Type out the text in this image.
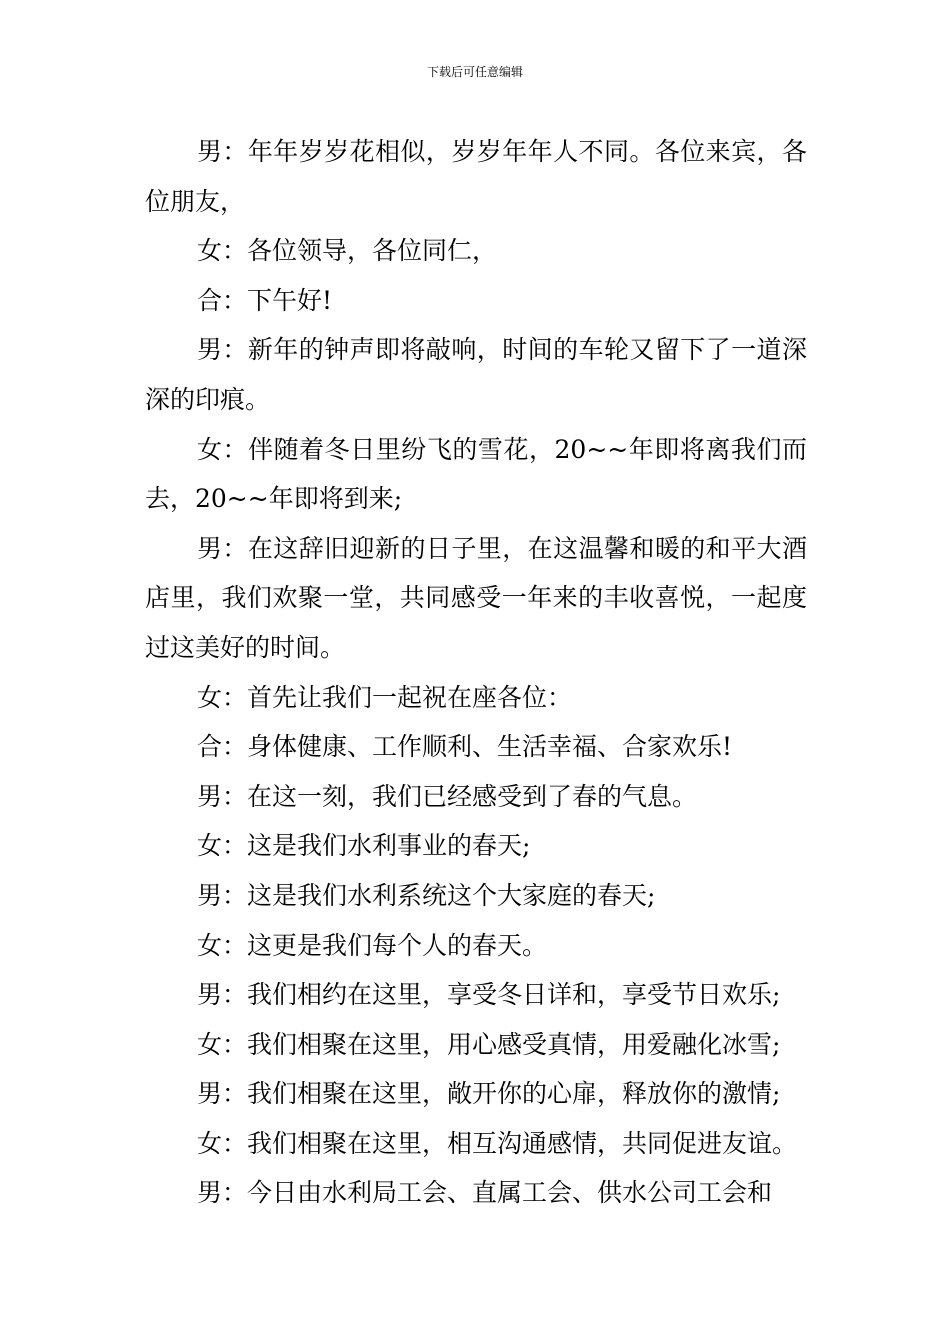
下载后可任意编辑

男：年年岁岁花相似，岁岁年年人不同。各位来宾，各位朋友，

女：各位领导，各位同仁，

合：下午好!

男：新年的钟声即将敲响，时间的车轮又留下了一道深深的印痕。

女：伴随着冬日里纷飞的雪花，20~~年即将离我们而去，20~~年即将到来;

男：在这辞旧迎新的日子里，在这温馨和暖的和平大酒店里，我们欢聚一堂，共同感受一年来的丰收喜悦，一起度过这美好的时间。

女：首先让我们一起祝在座各位：

合：身体健康、工作顺利、生活幸福、合家欢乐!

男：在这一刻，我们已经感受到了春的气息。

女：这是我们水利事业的春天;

男：这是我们水利系统这个大家庭的春天;

女：这更是我们每个人的春天。

男：我们相约在这里，享受冬日详和，享受节日欢乐;

女：我们相聚在这里，用心感受真情，用爱融化冰雪;

男：我们相聚在这里，敞开你的心扉，释放你的激情;

女：我们相聚在这里，相互沟通感情，共同促进友谊。

男：今日由水利局工会、直属工会、供水公司工会和
